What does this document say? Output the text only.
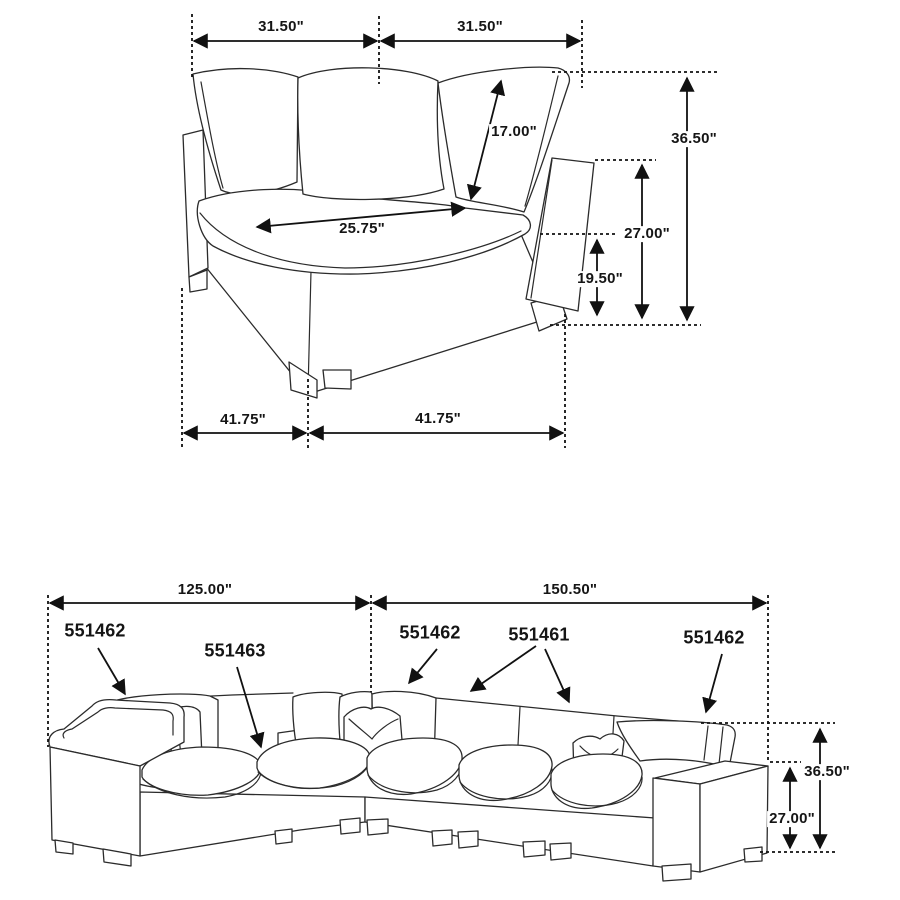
31.50"	31.50"
17.00"	36.50"
27.00"
19.50"
25.75"
41.75"	41.75"
125.00"	150.50"
36.50"
27.00"
551462
551463
551462	551461	551462
